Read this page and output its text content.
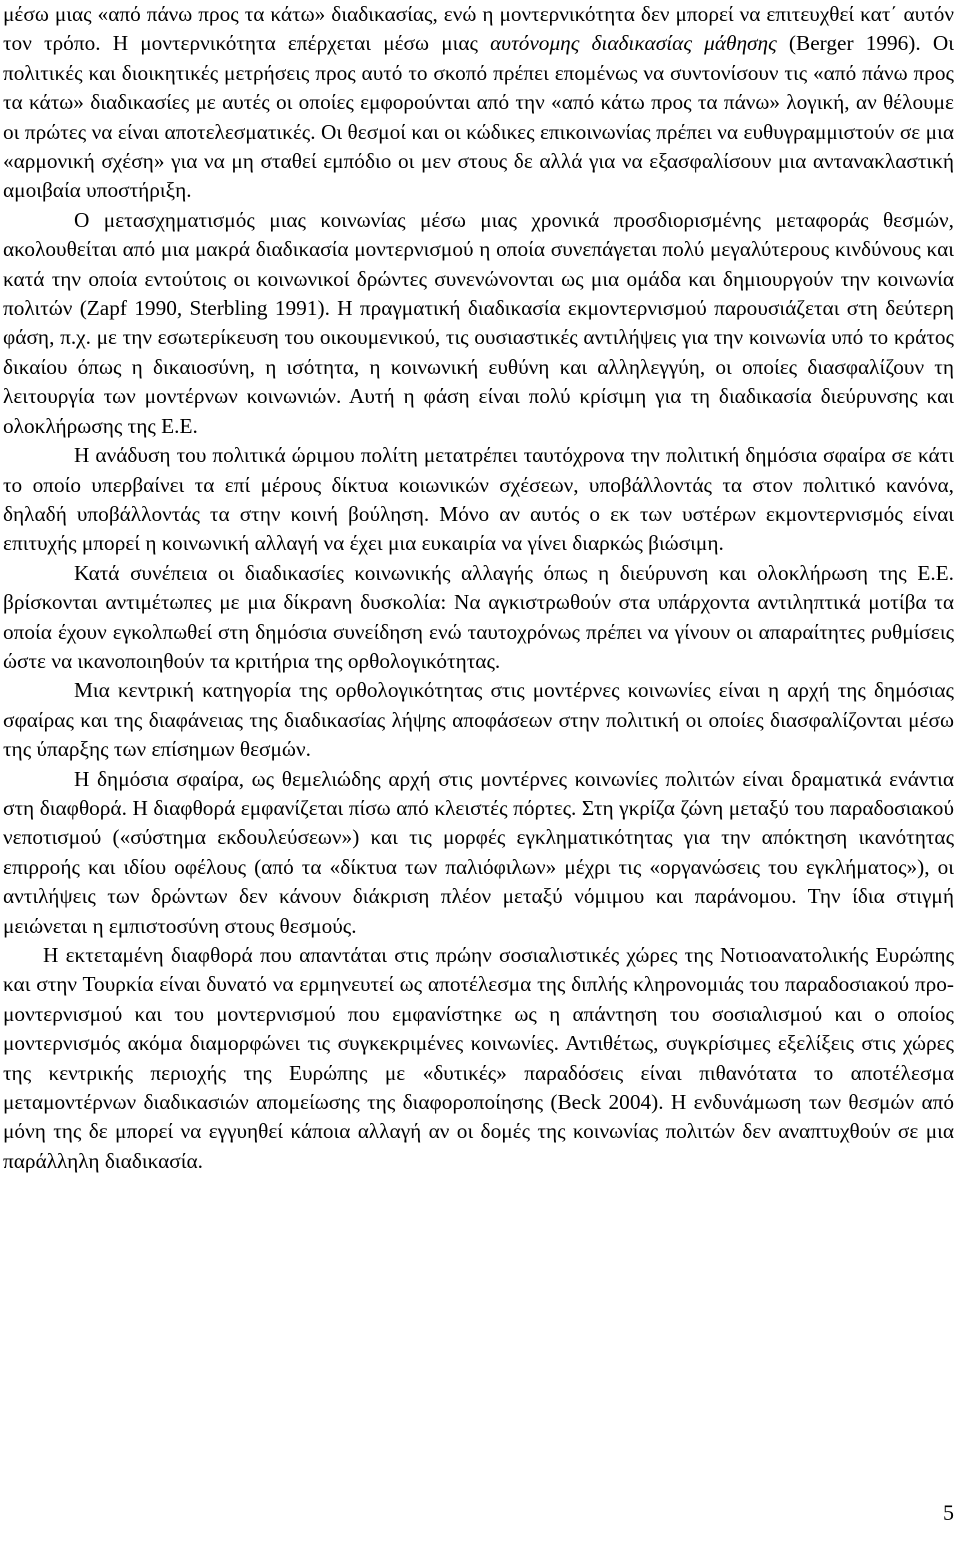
μέσω μιας «από πάνω προς τα κάτω» διαδικασίας, ενώ η μοντερνικότητα δεν μπορεί να επιτευχθεί κατ΄ αυτόν τον τρόπο. Η μοντερνικότητα επέρχεται μέσω μιας αυτόνομης διαδικασίας μάθησης (Berger 1996). Οι πολιτικές και διοικητικές μετρήσεις προς αυτό το σκοπό πρέπει επομένως να συντονίσουν τις «από πάνω προς τα κάτω» διαδικασίες με αυτές οι οποίες εμφορούνται από την «από κάτω προς τα πάνω» λογική, αν θέλουμε οι πρώτες να είναι αποτελεσματικές. Οι θεσμοί και οι κώδικες επικοινωνίας πρέπει να ευθυγραμμιστούν σε μια «αρμονική σχέση» για να μη σταθεί εμπόδιο οι μεν στους δε αλλά για να εξασφαλίσουν μια αντανακλαστική αμοιβαία υποστήριξη.

Ο μετασχηματισμός μιας κοινωνίας μέσω μιας χρονικά προσδιορισμένης μεταφοράς θεσμών, ακολουθείται από μια μακρά διαδικασία μοντερνισμού η οποία συνεπάγεται πολύ μεγαλύτερους κινδύνους και κατά την οποία εντούτοις οι κοινωνικοί δρώντες συνενώνονται ως μια ομάδα και δημιουργούν την κοινωνία πολιτών (Zapf 1990, Sterbling 1991). Η πραγματική διαδικασία εκμοντερνισμού παρουσιάζεται στη δεύτερη φάση, π.χ. με την εσωτερίκευση του οικουμενικού, τις ουσιαστικές αντιλήψεις για την κοινωνία υπό το κράτος δικαίου όπως η δικαιοσύνη, η ισότητα, η κοινωνική ευθύνη και αλληλεγγύη, οι οποίες διασφαλίζουν τη λειτουργία των μοντέρνων κοινωνιών. Αυτή η φάση είναι πολύ κρίσιμη για τη διαδικασία διεύρυνσης και ολοκλήρωσης της Ε.Ε.

Η ανάδυση του πολιτικά ώριμου πολίτη μετατρέπει ταυτόχρονα την πολιτική δημόσια σφαίρα σε κάτι το οποίο υπερβαίνει τα επί μέρους δίκτυα κοιωνικών σχέσεων, υποβάλλοντάς τα στον πολιτικό κανόνα, δηλαδή υποβάλλοντάς τα στην κοινή βούληση. Μόνο αν αυτός ο εκ των υστέρων εκμοντερνισμός είναι επιτυχής μπορεί η κοινωνική αλλαγή να έχει μια ευκαιρία να γίνει διαρκώς βιώσιμη.

Κατά συνέπεια οι διαδικασίες κοινωνικής αλλαγής όπως η διεύρυνση και ολοκλήρωση της Ε.Ε. βρίσκονται αντιμέτωπες με μια δίκρανη δυσκολία: Να αγκιστρωθούν στα υπάρχοντα αντιληπτικά μοτίβα τα οποία έχουν εγκολπωθεί στη δημόσια συνείδηση ενώ ταυτοχρόνως πρέπει να γίνουν οι απαραίτητες ρυθμίσεις ώστε να ικανοποιηθούν τα κριτήρια της ορθολογικότητας.

Μια κεντρική κατηγορία της ορθολογικότητας στις μοντέρνες κοινωνίες είναι η αρχή της δημόσιας σφαίρας και της διαφάνειας της διαδικασίας λήψης αποφάσεων στην πολιτική οι οποίες διασφαλίζονται μέσω της ύπαρξης των επίσημων θεσμών.

Η δημόσια σφαίρα, ως θεμελιώδης αρχή στις μοντέρνες κοινωνίες πολιτών είναι δραματικά ενάντια στη διαφθορά. Η διαφθορά εμφανίζεται πίσω από κλειστές πόρτες. Στη γκρίζα ζώνη μεταξύ του παραδοσιακού νεποτισμού («σύστημα εκδουλεύσεων») και τις μορφές εγκληματικότητας για την απόκτηση ικανότητας επιρροής και ιδίου οφέλους (από τα «δίκτυα των παλιόφιλων» μέχρι τις «οργανώσεις του εγκλήματος»), οι αντιλήψεις των δρώντων δεν κάνουν διάκριση πλέον μεταξύ νόμιμου και παράνομου. Την ίδια στιγμή μειώνεται η εμπιστοσύνη στους θεσμούς.

Η εκτεταμένη διαφθορά που απαντάται στις πρώην σοσιαλιστικές χώρες της Νοτιοανατολικής Ευρώπης και στην Τουρκία είναι δυνατό να ερμηνευτεί ως αποτέλεσμα της διπλής κληρονομιάς του παραδοσιακού προ-μοντερνισμού και του μοντερνισμού που εμφανίστηκε ως η απάντηση του σοσιαλισμού και ο οποίος μοντερνισμός ακόμα διαμορφώνει τις συγκεκριμένες κοινωνίες. Αντιθέτως, συγκρίσιμες εξελίξεις στις χώρες της κεντρικής περιοχής της Ευρώπης με «δυτικές» παραδόσεις είναι πιθανότατα το αποτέλεσμα μεταμοντέρνων διαδικασιών απομείωσης της διαφοροποίησης (Beck 2004). Η ενδυνάμωση των θεσμών από μόνη της δε μπορεί να εγγυηθεί κάποια αλλαγή αν οι δομές της κοινωνίας πολιτών δεν αναπτυχθούν σε μια παράλληλη διαδικασία.

5
